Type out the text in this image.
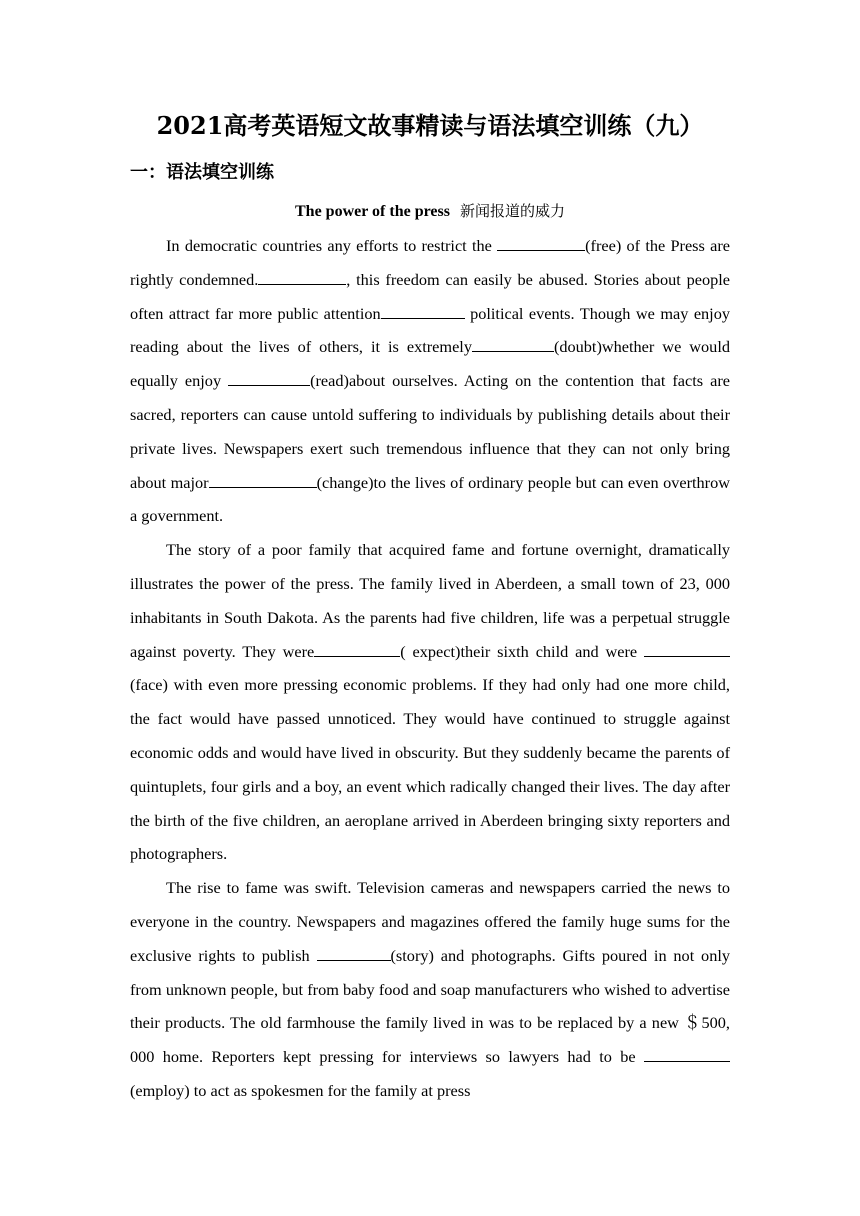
2021高考英语短文故事精读与语法填空训练（九）
一：语法填空训练
The power of the press 新闻报道的威力

In democratic countries any efforts to restrict the	(free) of the Press are rightly condemned.	, this freedom can easily be abused. Stories about people often attract far more public attention	political events. Though we may enjoy reading about the lives of others, it is extremely	(doubt)whether we would equally enjoy	(read)about ourselves. Acting on the contention that facts are sacred, reporters can cause untold suffering to individuals by publishing details about their private lives. Newspapers exert such tremendous influence that they can not only bring about major	(change)to the lives of ordinary people but can even overthrow a government.

The story of a poor family that acquired fame and fortune overnight, dramatically illustrates the power of the press. The family lived in Aberdeen, a small town of 23, 000 inhabitants in South Dakota. As the parents had five children, life was a perpetual struggle against poverty. They were	( expect)their sixth child and were (face) with even more pressing economic problems. If they had only had one more child, the fact would have passed unnoticed. They would have continued to struggle against economic odds and would have lived in obscurity. But they suddenly became the parents of quintuplets, four girls and a boy, an event which radically changed their lives. The day after the birth of the five children, an aeroplane arrived in Aberdeen bringing sixty reporters and photographers.

The rise to fame was swift. Television cameras and newspapers carried the news to everyone in the country. Newspapers and magazines offered the family huge sums for the exclusive rights to publish	(story) and photographs. Gifts poured in not only from unknown people, but from baby food and soap manufacturers who wished to advertise their products. The old farmhouse the family lived in was to be replaced by a new ＄500, 000 home. Reporters kept pressing for interviews so lawyers had to be (employ) to act as spokesmen for the family at press
